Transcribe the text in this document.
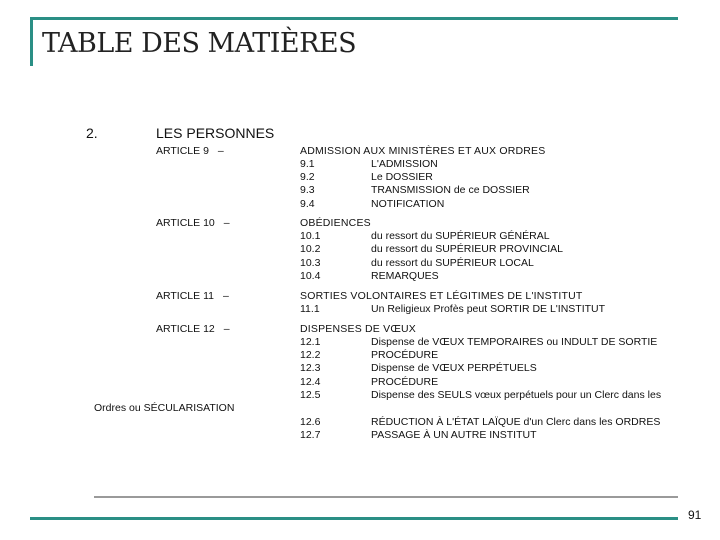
TABLE DES MATIÈRES
2.	LES PERSONNES
ARTICLE 9 –	ADMISSION AUX MINISTÈRES ET AUX ORDRES
9.1	L'ADMISSION
9.2	Le DOSSIER
9.3	TRANSMISSION de ce DOSSIER
9.4	NOTIFICATION
ARTICLE 10 –	OBÉDIENCES
10.1	du ressort du SUPÉRIEUR GÉNÉRAL
10.2	du ressort du SUPÉRIEUR PROVINCIAL
10.3	du ressort du SUPÉRIEUR LOCAL
10.4	REMARQUES
ARTICLE 11 –	SORTIES VOLONTAIRES ET LÉGITIMES DE L'INSTITUT
11.1	Un Religieux Profès peut SORTIR DE L'INSTITUT
ARTICLE 12 –	DISPENSES DE VŒUX
12.1	Dispense de VŒUX TEMPORAIRES ou INDULT DE SORTIE
12.2	PROCÉDURE
12.3	Dispense de VŒUX PERPÉTUELS
12.4	PROCÉDURE
12.5	Dispense des SEULS vœux perpétuels pour un Clerc dans les
Ordres ou SÉCULARISATION
12.6	RÉDUCTION À L'ÉTAT LAÏQUE d'un Clerc dans les ORDRES
12.7	PASSAGE À UN AUTRE INSTITUT
91
